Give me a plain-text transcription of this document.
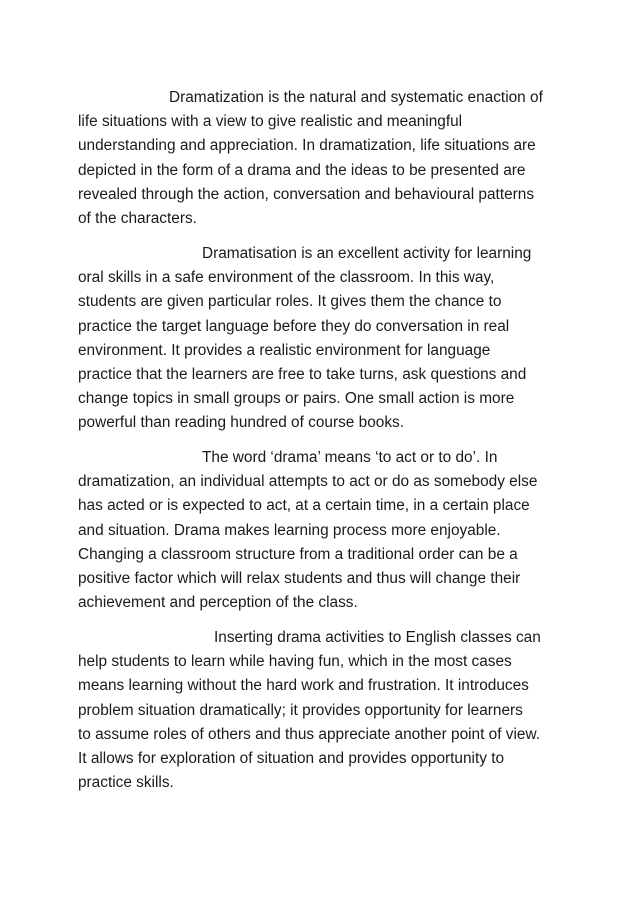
Dramatization is the natural and systematic enaction of
life situations with a view to give realistic and meaningful
understanding and appreciation. In dramatization, life situations are
depicted in the form of a drama and the ideas to be presented are
revealed through the action, conversation and behavioural patterns
of the characters.
Dramatisation is an excellent activity for learning
oral skills in a safe environment of the classroom. In this way,
students are given particular roles. It gives them the chance to
practice the target language before they do conversation in real
environment. It provides a realistic environment for language
practice that the learners are free to take turns, ask questions and
change topics in small groups or pairs. One small action is more
powerful than reading hundred of course books.
The word ‘drama’ means ‘to act or to do’. In
dramatization, an individual attempts to act or do as somebody else
has acted or is expected to act, at a certain time, in a certain place
and situation. Drama makes learning process more enjoyable.
Changing a classroom structure from a traditional order can be a
positive factor which will relax students and thus will change their
achievement and perception of the class.
Inserting drama activities to English classes can
help students to learn while having fun, which in the most cases
means learning without the hard work and frustration. It introduces
problem situation dramatically; it provides opportunity for learners
to assume roles of others and thus appreciate another point of view.
It allows for exploration of situation and provides opportunity to
practice skills.
